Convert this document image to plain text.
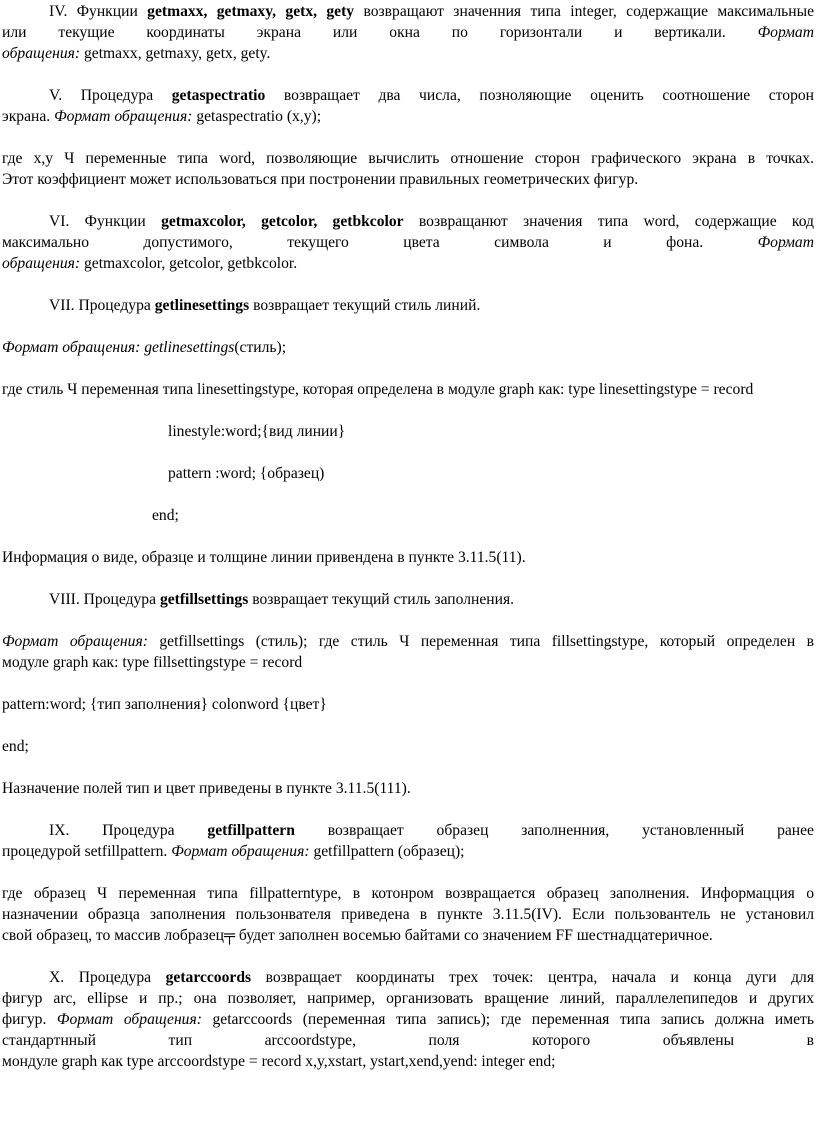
IV. Функции getmaxx, getmaxy, getx, gety возвращают значенния типа integer, содержащие максимальные

или текущие координаты экрана или окна по горизонтали и вертикали. Формат

обращения: getmaxx, getmaxy, getx, gety.

V. Процедура getaspectratio возвращает два числа, позноляющие оценить соотношение сторон

экрана. Формат обращения: getaspectratio (x,y);

где x,y Ч переменные типа word, позволяющие вычислить отношение сторон графического экрана в точках.

Этот коэффициент может использоваться при постронении правильных геометрических фигур.

VI. Функции getmaxcolor, getcolor, getbkcolor возвращанют значения типа word, содержащие код

максимально допустимого, текущего цвета символа и фона.	Формат

обращения: getmaxcolor, getcolor, getbkcolor.

VII. Процедура getlinesettings возвращает текущий стиль линий.

Формат обращения: getlinesettings(стиль);

где стиль Ч переменная типа linesettingstype, которая определена в модуле graph как: type linesettingstype = record

linestyle:word;{вид линии}

pattern :word; {образец)

end;

Информация о виде, образце и толщине линии привендена в пункте 3.11.5(11).

VIII. Процедура getfillsettings возвращает текущий стиль заполнения.

Формат обращения: getfillsettings (стиль); где стиль Ч переменная типа fillsettingstype, который определен в

модуле graph как: type fillsettingstype = record

pattern:word; {тип заполнения} colonword {цвет}

end;

Назначение полей тип и цвет приведены в пункте 3.11.5(111).

IX. Процедура getfillpattern возвращает образец заполненния, установленный ранее

процедурой setfillpattern. Формат обращения: getfillpattern (образец);

где образец Ч переменная типа fillpatterntype, в котонром возвращается образец заполнения. Информацция о

назначении образца заполнения пользонвателя приведена в пункте 3.11.5(IV). Если пользовантель не установил

свой образец, то массив лобразец╤ будет заполнен восемью байтами со значением FF шестнадцатеричное.

X. Процедура getarccoords возвращает координаты трех точек: центра, начала и конца дуги для

фигур arc, ellipse и пр.; она позволяет, например, организовать вращение линий, параллелепипедов и других

фигур. Формат обращения: getarccoords (переменная типа запись); где переменная типа запись должна иметь

стандартнный тип arccoordstype, поля которого объявлены в

мондуле graph как type arccoordstype = record x,y,xstart, ystart,xend,yend: integer end;
